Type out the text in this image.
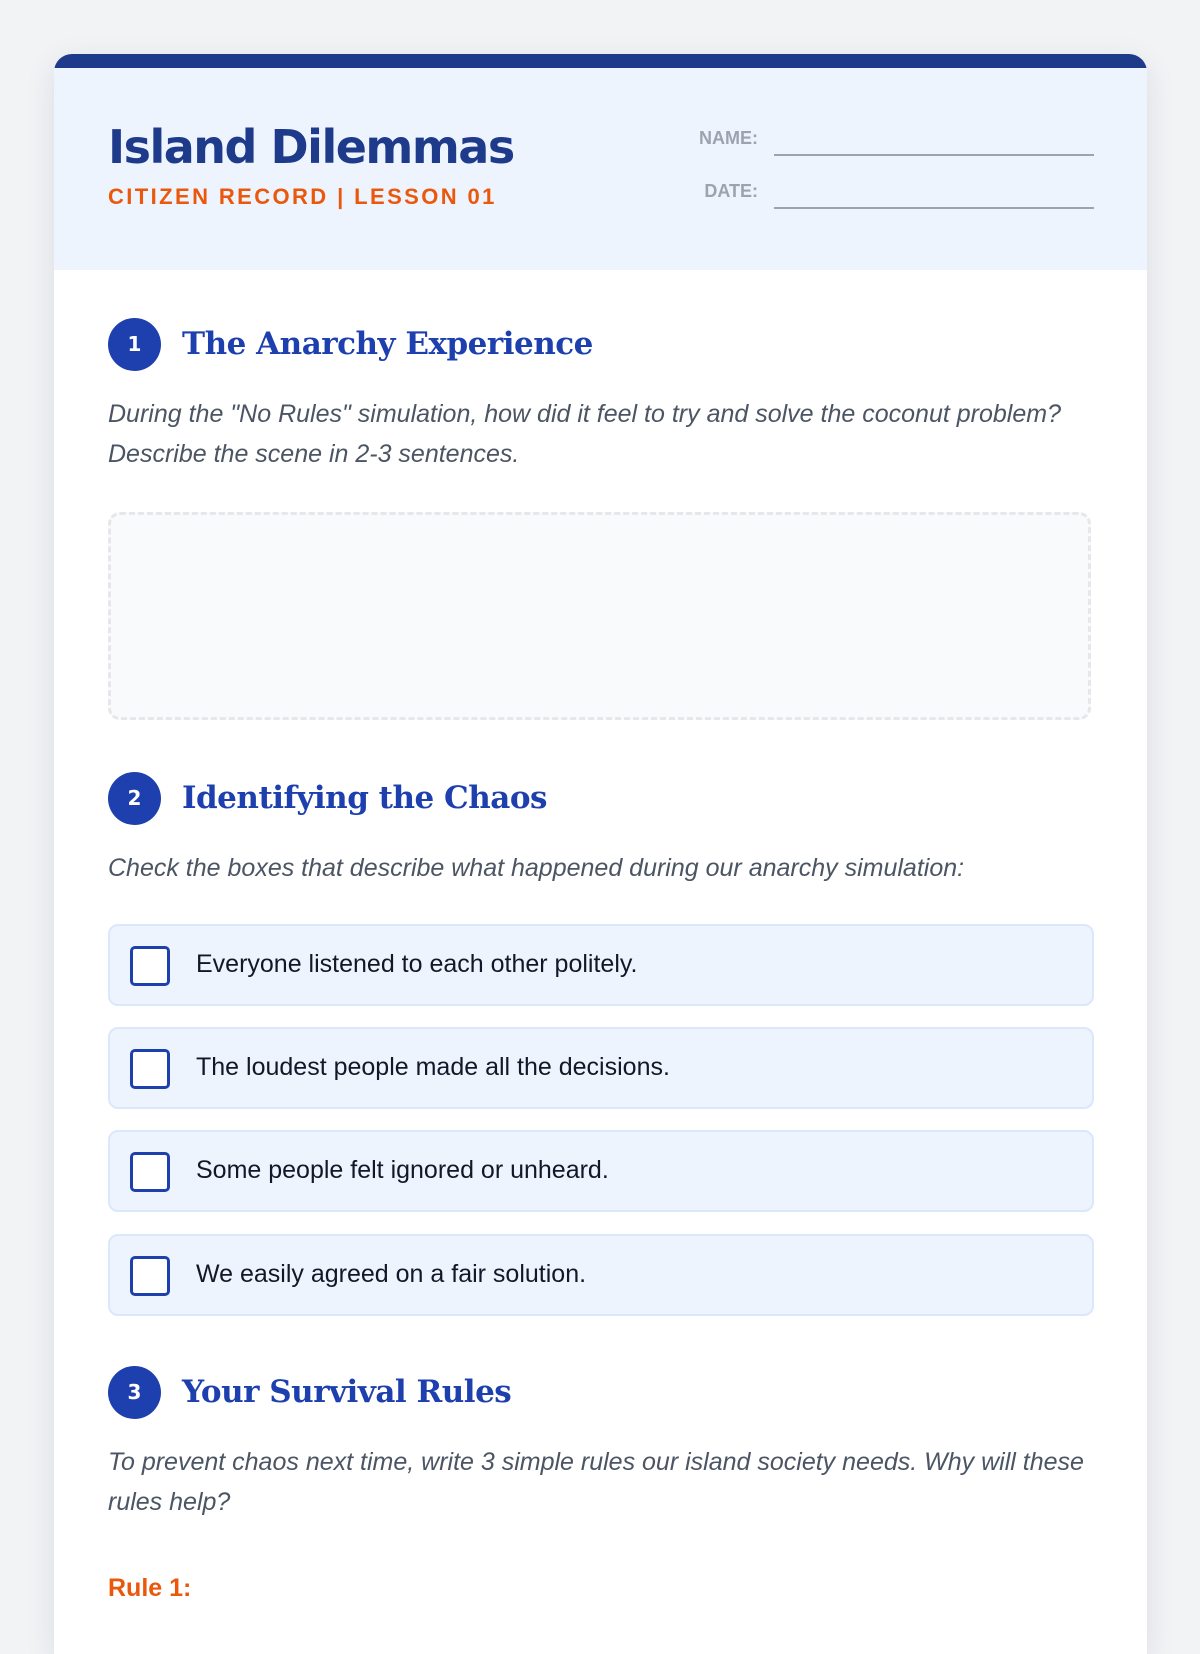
Island Dilemmas
CITIZEN RECORD | LESSON 01
NAME:
DATE:
1	The Anarchy Experience

During the "No Rules" simulation, how did it feel to try and solve the coconut problem? Describe the scene in 2-3 sentences.

2	Identifying the Chaos

Check the boxes that describe what happened during our anarchy simulation:

Everyone listened to each other politely.
The loudest people made all the decisions.
Some people felt ignored or unheard.
We easily agreed on a fair solution.
3	Your Survival Rules

To prevent chaos next time, write 3 simple rules our island society needs. Why will these rules help?

Rule 1:
